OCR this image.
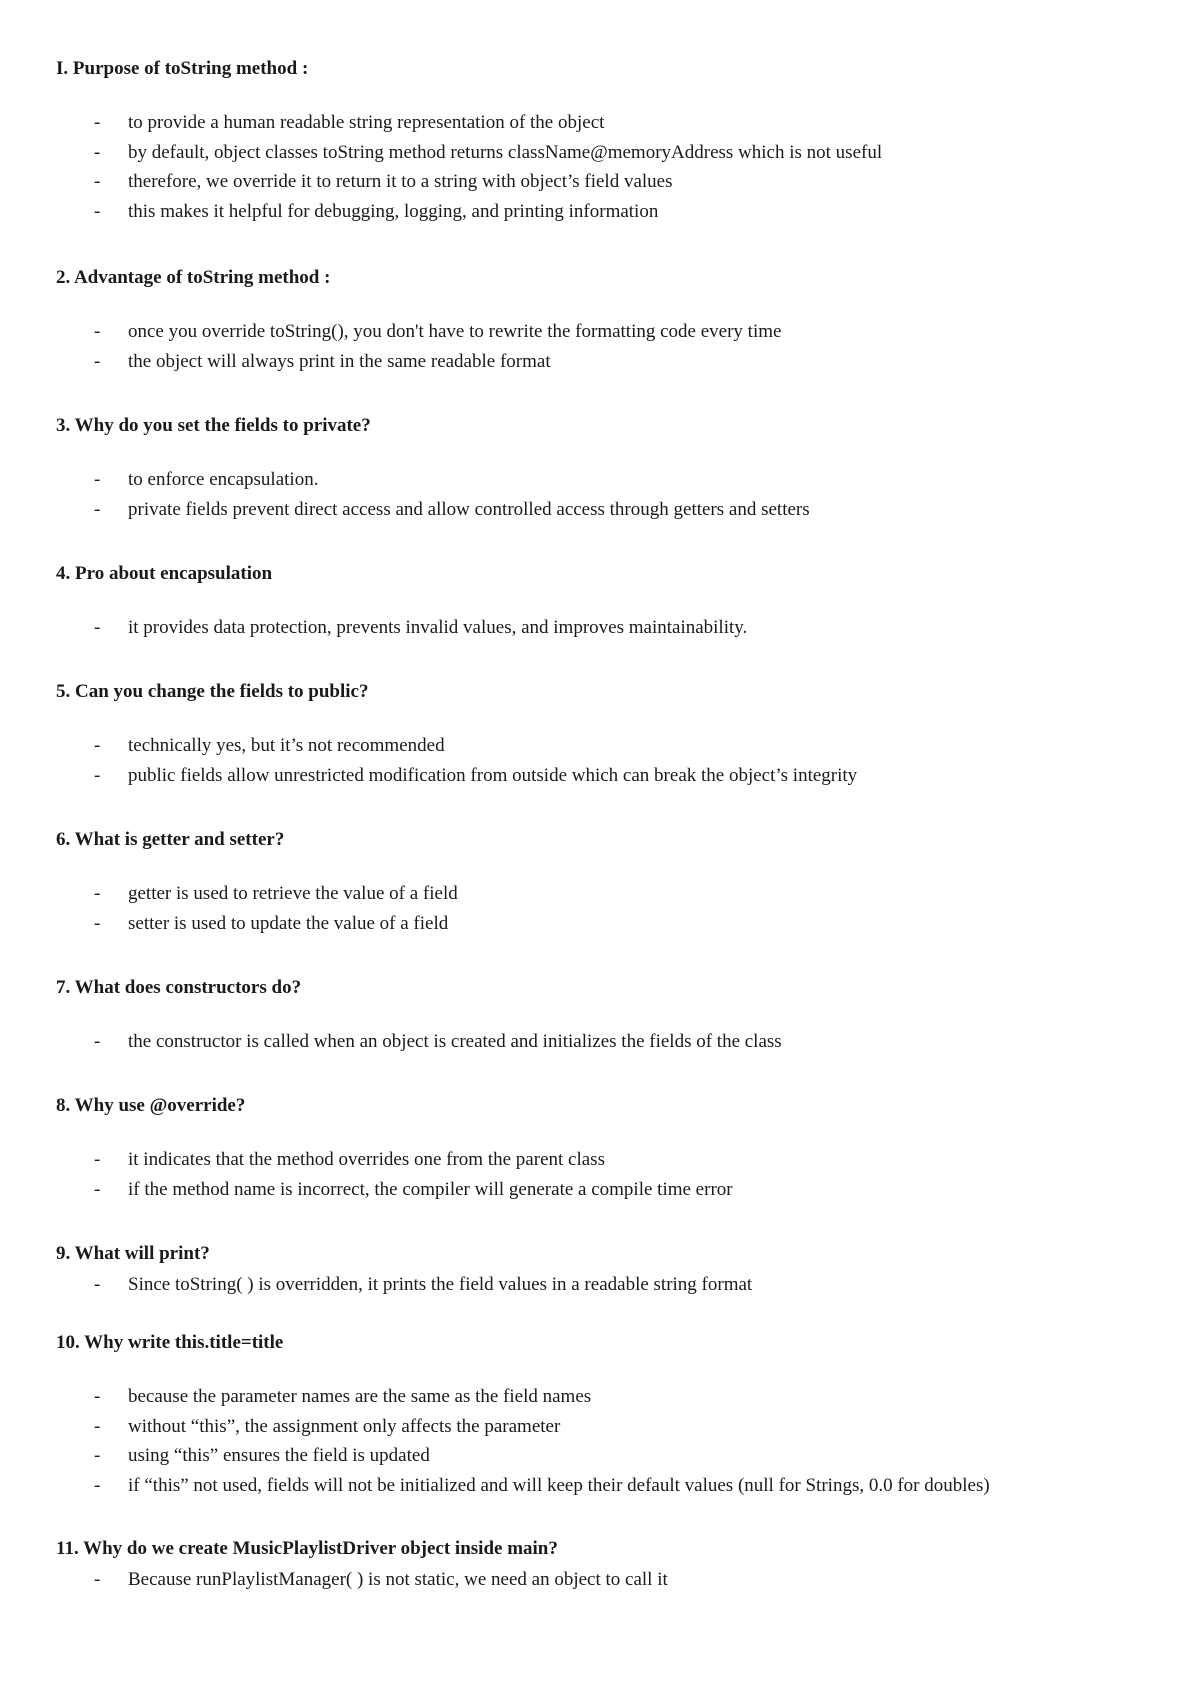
I. Purpose of toString method :

- to provide a human readable string representation of the object
- by default, object classes toString method returns className@memoryAddress which is not useful
- therefore, we override it to return it to a string with object’s field values
- this makes it helpful for debugging, logging, and printing information

2. Advantage of toString method :

- once you override toString(), you don't have to rewrite the formatting code every time
- the object will always print in the same readable format

3. Why do you set the fields to private?

- to enforce encapsulation.
- private fields prevent direct access and allow controlled access through getters and setters

4. Pro about encapsulation

- it provides data protection, prevents invalid values, and improves maintainability.

5. Can you change the fields to public?

- technically yes, but it’s not recommended
- public fields allow unrestricted modification from outside which can break the object’s integrity

6. What is getter and setter?

- getter is used to retrieve the value of a field
- setter is used to update the value of a field

7. What does constructors do?

- the constructor is called when an object is created and initializes the fields of the class

8. Why use @override?

- it indicates that the method overrides one from the parent class
- if the method name is incorrect, the compiler will generate a compile time error

9. What will print?

- Since toString( ) is overridden, it prints the field values in a readable string format

10. Why write this.title=title

- because the parameter names are the same as the field names
- without “this”, the assignment only affects the parameter
- using “this” ensures the field is updated
- if “this” not used, fields will not be initialized and will keep their default values (null for Strings, 0.0 for doubles)

11. Why do we create MusicPlaylistDriver object inside main?

- Because runPlaylistManager( ) is not static, we need an object to call it
